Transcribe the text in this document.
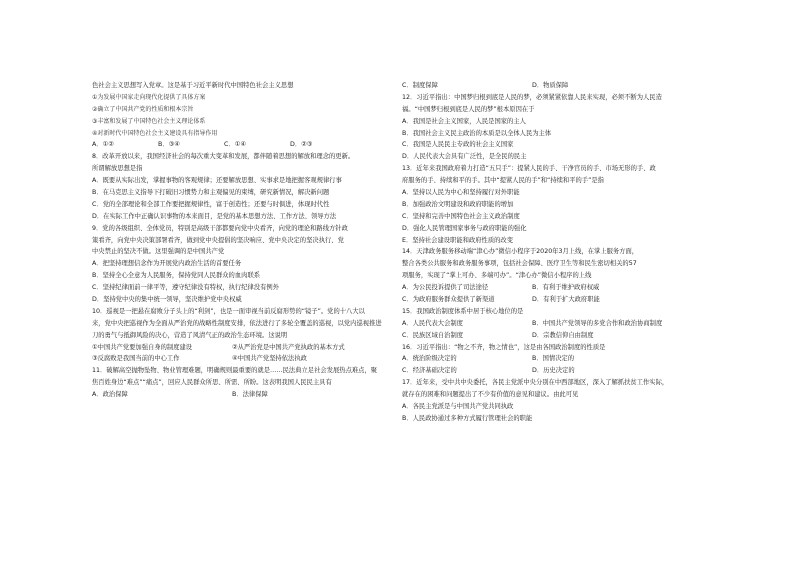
色社会主义思想写入党章。这是基于习近平新时代中国特色社会主义思想
①为发展中国家走向现代化提供了具体方案
②确立了中国共产党的性质和根本宗旨
③丰富和发展了中国特色社会主义理论体系
④对新时代中国特色社会主义建设具有指导作用
A．①②	B．③④	C．①④	D．②③
8．改革开放以来，我国经济社会的每次重大变革和发展，都伴随着思想的解放和理念的更新。
所谓解放思想是指
A．既要从实际出发，掌握事物的客观规律；还要解放思想、实事求是地把握客观规律行事
B．在马克思主义指导下打破旧习惯势力和主观偏见的束缚，研究新情况，解决新问题
C．党的全部理论和全部工作要把握规律性，富于创造性；还要与时俱进，体现时代性
D．在实际工作中正确认识事物的本来面目，是党的基本思想方法、工作方法、领导方法
9．党的各级组织、全体党员，特别是高级干部都要向党中央看齐，向党的理论和路线方针政
策看齐，向党中央决策部署看齐，做到党中央提倡的坚决响应、党中央决定的坚决执行、党
中央禁止的坚决不做。这里强调的是中国共产党
A．把坚持理想信念作为开展党内政治生活的首要任务
B．坚持全心全意为人民服务，保持党同人民群众的血肉联系
C．坚持纪律面前一律平等，遵守纪律没有特权，执行纪律没有例外
D．坚持党中央的集中统一领导，坚决维护党中央权威
10．巡视是一把悬在腐败分子头上的“利剑”，也是一面审视当前反腐形势的“镜子”。党的十八大以
来，党中央把巡视作为全面从严治党的战略性制度安排，依法进行了多轮全覆盖的巡视，以党内巡视推进
刀的勇气与抵御风险的决心，营造了风清气正的政治生态环境。这说明
①中国共产党要加强自身的制度建设	②从严治党是中国共产党执政的基本方式
③反腐败是我国当前的中心工作	④中国共产党坚持依法执政
11．破解高空抛物坠物、物业管理难题，明确规则最重要的就是……民法典立足社会发展热点难点，聚
焦百姓身边“难点”“痛点”，回应人民群众所思、所需、所盼。这表明我国人民民主具有
A．政治保障	B．法律保障
C．制度保障	D．物质保障
12．习近平指出：中国梦归根到底是人民的梦，必须紧紧依靠人民来实现，必须不断为人民造
福。“中国梦归根到底是人民的梦”根本原因在于
A．我国是社会主义国家，人民是国家的主人
B．我国社会主义民主政治的本质是以全体人民为主体
C．我国是人民民主专政的社会主义国家
D．人民代表大会具有广泛性，是全民的民主
13．近年来我国政府着力打造“五只手”：提紧人民的手、干净官员的手、市场无形的手、政
府服务的手、持续和平的手。其中“提紧人民的手”和“持续和平的手”是指
A．坚持以人民为中心和坚持履行对外职能
B．加强政治文明建设和政府职能的增加
C．坚持和完善中国特色社会主义政治制度
D．强化人民管理国家事务与政府职能的强化
E．坚持社会建设职能和政府性质的改变
14．天津政务服务移动端“津心办”微信小程序于2020年3月上线，在掌上服务方面，
整合各类公共服务和政务服务事项，包括社会保障、医疗卫生等和民生密切相关的57
项服务，实现了“掌上可办、多端可办”。“津心办”微信小程序的上线
A．为公民投诉提供了司法途径	B．有利于维护政府权威
C．为政府服务群众提供了新渠道	D．有利于扩大政府职能
15．我国政治制度体系中居于核心地位的是
A．人民代表大会制度	B．中国共产党领导的多党合作和政治协商制度
C．民族区域自治制度	D．宗教信仰自由制度
16．习近平指出：“物之不齐，物之情也”，这是由各国政治制度的性质是
A．统治阶级决定的	B．国情决定的
C．经济基础决定的	D．历史决定的
17．近年来，受中共中央委托，各民主党派中央分别在中西部地区，深入了解抓扶贫工作实际，
就存在的困难和问题提出了不少有价值的意见和建议。由此可见
A．各民主党派是与中国共产党共同执政
B．人民政协通过多种方式履行管理社会的职能
